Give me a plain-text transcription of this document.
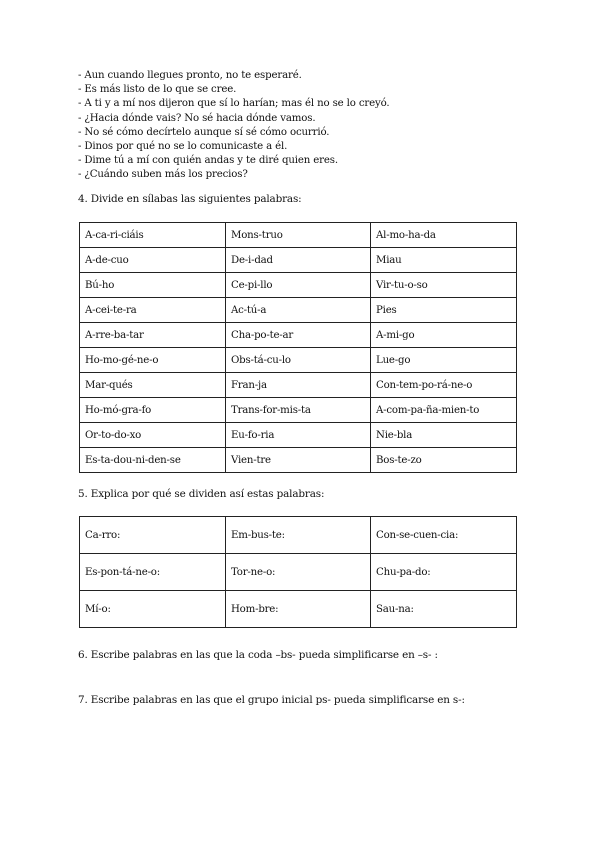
- Aun cuando llegues pronto, no te esperaré.
- Es más listo de lo que se cree.
- A ti y a mí nos dijeron que sí lo harían; mas él no se lo creyó.
- ¿Hacia dónde vais? No sé hacia dónde vamos.
- No sé cómo decírtelo aunque sí sé cómo ocurrió.
- Dinos por qué no se lo comunicaste a él.
- Dime tú a mí con quién andas y te diré quien eres.
- ¿Cuándo suben más los precios?
4. Divide en sílabas las siguientes palabras:
A-ca-ri-ciáis	Mons-truo	Al-mo-ha-da
A-de-cuo	De-i-dad	Miau
Bú-ho	Ce-pi-llo	Vir-tu-o-so
A-cei-te-ra	Ac-tú-a	Pies
A-rre-ba-tar	Cha-po-te-ar	A-mi-go
Ho-mo-gé-ne-o	Obs-tá-cu-lo	Lue-go
Mar-qués	Fran-ja	Con-tem-po-rá-ne-o
Ho-mó-gra-fo	Trans-for-mis-ta	A-com-pa-ña-mien-to
Or-to-do-xo	Eu-fo-ria	Nie-bla
Es-ta-dou-ni-den-se	Vien-tre	Bos-te-zo
5. Explica por qué se dividen así estas palabras:
Ca-rro:	Em-bus-te:	Con-se-cuen-cia:
Es-pon-tá-ne-o:	Tor-ne-o:	Chu-pa-do:
Mí-o:	Hom-bre:	Sau-na:
6. Escribe palabras en las que la coda –bs- pueda simplificarse en –s- :
7. Escribe palabras en las que el grupo inicial ps- pueda simplificarse en s-:
